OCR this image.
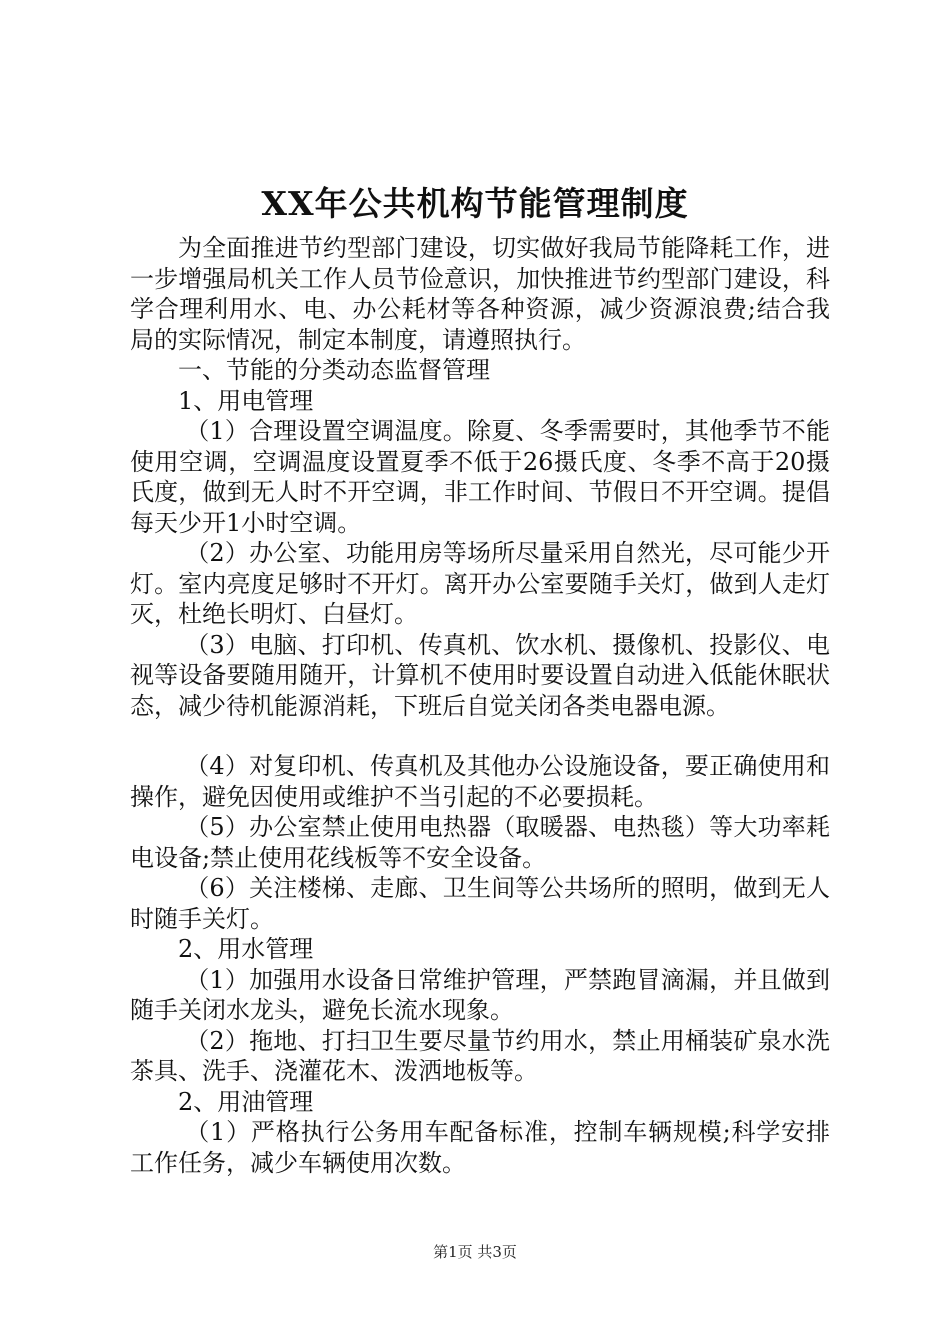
XX年公共机构节能管理制度

为全面推进节约型部门建设，切实做好我局节能降耗工作，进一步增强局机关工作人员节俭意识，加快推进节约型部门建设，科学合理利用水、电、办公耗材等各种资源，减少资源浪费;结合我局的实际情况，制定本制度，请遵照执行。

一、节能的分类动态监督管理

1、用电管理

（1）合理设置空调温度。除夏、冬季需要时，其他季节不能使用空调，空调温度设置夏季不低于26摄氏度、冬季不高于20摄氏度，做到无人时不开空调，非工作时间、节假日不开空调。提倡每天少开1小时空调。

（2）办公室、功能用房等场所尽量采用自然光，尽可能少开灯。室内亮度足够时不开灯。离开办公室要随手关灯，做到人走灯灭，杜绝长明灯、白昼灯。

（3）电脑、打印机、传真机、饮水机、摄像机、投影仪、电视等设备要随用随开，计算机不使用时要设置自动进入低能休眠状态，减少待机能源消耗，下班后自觉关闭各类电器电源。

（4）对复印机、传真机及其他办公设施设备，要正确使用和操作，避免因使用或维护不当引起的不必要损耗。

（5）办公室禁止使用电热器（取暖器、电热毯）等大功率耗电设备;禁止使用花线板等不安全设备。

（6）关注楼梯、走廊、卫生间等公共场所的照明，做到无人时随手关灯。

2、用水管理

（1）加强用水设备日常维护管理，严禁跑冒滴漏，并且做到随手关闭水龙头，避免长流水现象。

（2）拖地、打扫卫生要尽量节约用水，禁止用桶装矿泉水洗茶具、洗手、浇灌花木、泼洒地板等。

2、用油管理

（1）严格执行公务用车配备标准，控制车辆规模;科学安排工作任务，减少车辆使用次数。

第1页 共3页
